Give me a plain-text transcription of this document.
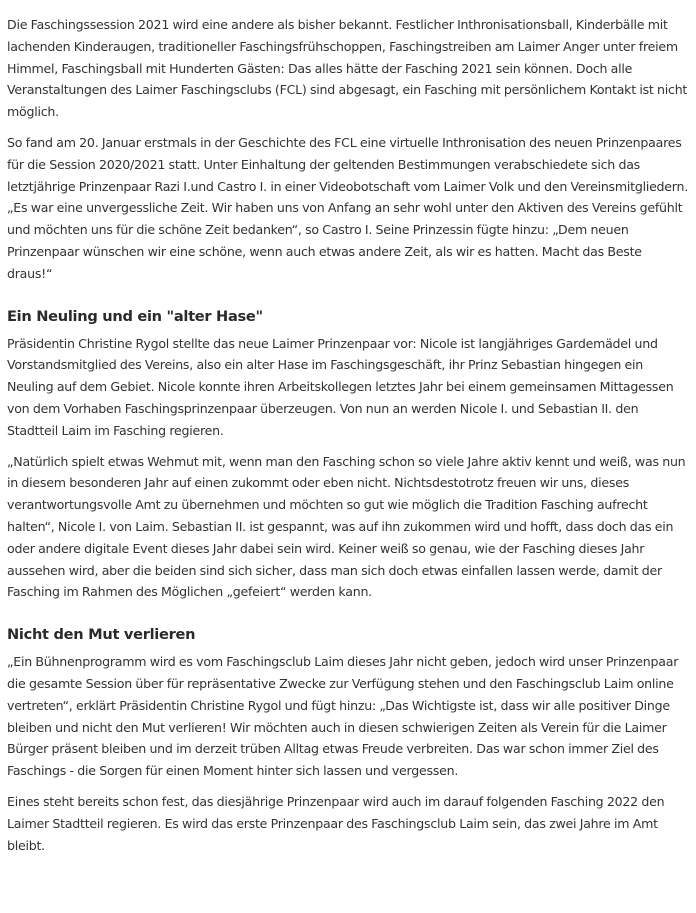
Die Faschingssession 2021 wird eine andere als bisher bekannt. Festlicher Inthronisationsball, Kinderbälle mit lachenden Kinderaugen, traditioneller Faschingsfrühschoppen, Faschingstreiben am Laimer Anger unter freiem Himmel, Faschingsball mit Hunderten Gästen: Das alles hätte der Fasching 2021 sein können. Doch alle Veranstaltungen des Laimer Faschingsclubs (FCL) sind abgesagt, ein Fasching mit persönlichem Kontakt ist nicht möglich.

So fand am 20. Januar erstmals in der Geschichte des FCL eine virtuelle Inthronisation des neuen Prinzenpaares für die Session 2020/2021 statt. Unter Einhaltung der geltenden Bestimmungen verabschiedete sich das letztjährige Prinzenpaar Razi I.und Castro I. in einer Videobotschaft vom Laimer Volk und den Vereinsmitgliedern. „Es war eine unvergessliche Zeit. Wir haben uns von Anfang an sehr wohl unter den Aktiven des Vereins gefühlt und möchten uns für die schöne Zeit bedanken“, so Castro I. Seine Prinzessin fügte hinzu: „Dem neuen Prinzenpaar wünschen wir eine schöne, wenn auch etwas andere Zeit, als wir es hatten. Macht das Beste draus!“

Ein Neuling und ein "alter Hase"

Präsidentin Christine Rygol stellte das neue Laimer Prinzenpaar vor: Nicole ist langjähriges Gardemädel und Vorstandsmitglied des Vereins, also ein alter Hase im Faschingsgeschäft, ihr Prinz Sebastian hingegen ein Neuling auf dem Gebiet. Nicole konnte ihren Arbeitskollegen letztes Jahr bei einem gemeinsamen Mittagessen von dem Vorhaben Faschingsprinzenpaar überzeugen. Von nun an werden Nicole I. und Sebastian II. den Stadtteil Laim im Fasching regieren.

„Natürlich spielt etwas Wehmut mit, wenn man den Fasching schon so viele Jahre aktiv kennt und weiß, was nun in diesem besonderen Jahr auf einen zukommt oder eben nicht. Nichtsdestotrotz freuen wir uns, dieses verantwortungsvolle Amt zu übernehmen und möchten so gut wie möglich die Tradition Fasching aufrecht halten“, Nicole I. von Laim. Sebastian II. ist gespannt, was auf ihn zukommen wird und hofft, dass doch das ein oder andere digitale Event dieses Jahr dabei sein wird. Keiner weiß so genau, wie der Fasching dieses Jahr aussehen wird, aber die beiden sind sich sicher, dass man sich doch etwas einfallen lassen werde, damit der Fasching im Rahmen des Möglichen „gefeiert“ werden kann.

Nicht den Mut verlieren

„Ein Bühnenprogramm wird es vom Faschingsclub Laim dieses Jahr nicht geben, jedoch wird unser Prinzenpaar die gesamte Session über für repräsentative Zwecke zur Verfügung stehen und den Faschingsclub Laim online vertreten“, erklärt Präsidentin Christine Rygol und fügt hinzu: „Das Wichtigste ist, dass wir alle positiver Dinge bleiben und nicht den Mut verlieren! Wir möchten auch in diesen schwierigen Zeiten als Verein für die Laimer Bürger präsent bleiben und im derzeit trüben Alltag etwas Freude verbreiten. Das war schon immer Ziel des Faschings - die Sorgen für einen Moment hinter sich lassen und vergessen.

Eines steht bereits schon fest, das diesjährige Prinzenpaar wird auch im darauf folgenden Fasching 2022 den Laimer Stadtteil regieren. Es wird das erste Prinzenpaar des Faschingsclub Laim sein, das zwei Jahre im Amt bleibt.
